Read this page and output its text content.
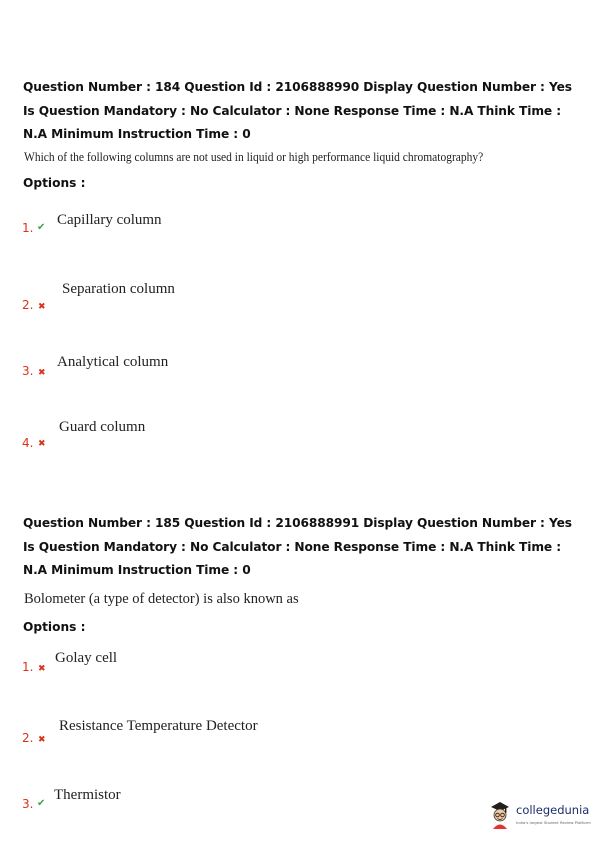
Question Number : 184 Question Id : 2106888990 Display Question Number : Yes Is Question Mandatory : No Calculator : None Response Time : N.A Think Time : N.A Minimum Instruction Time : 0
Which of the following columns are not used in liquid or high performance liquid chromatography?
Options :
1. ✔ Capillary column
2. ✖
Separation column
3. ✖
Analytical column
4. ✖
Guard column
Question Number : 185 Question Id : 2106888991 Display Question Number : Yes Is Question Mandatory : No Calculator : None Response Time : N.A Think Time : N.A Minimum Instruction Time : 0
Bolometer (a type of detector) is also known as
Options :
1. ✖
Golay cell
2. ✖
Resistance Temperature Detector
3. ✔
Thermistor
collegedunia
India's largest Student Review Platform
